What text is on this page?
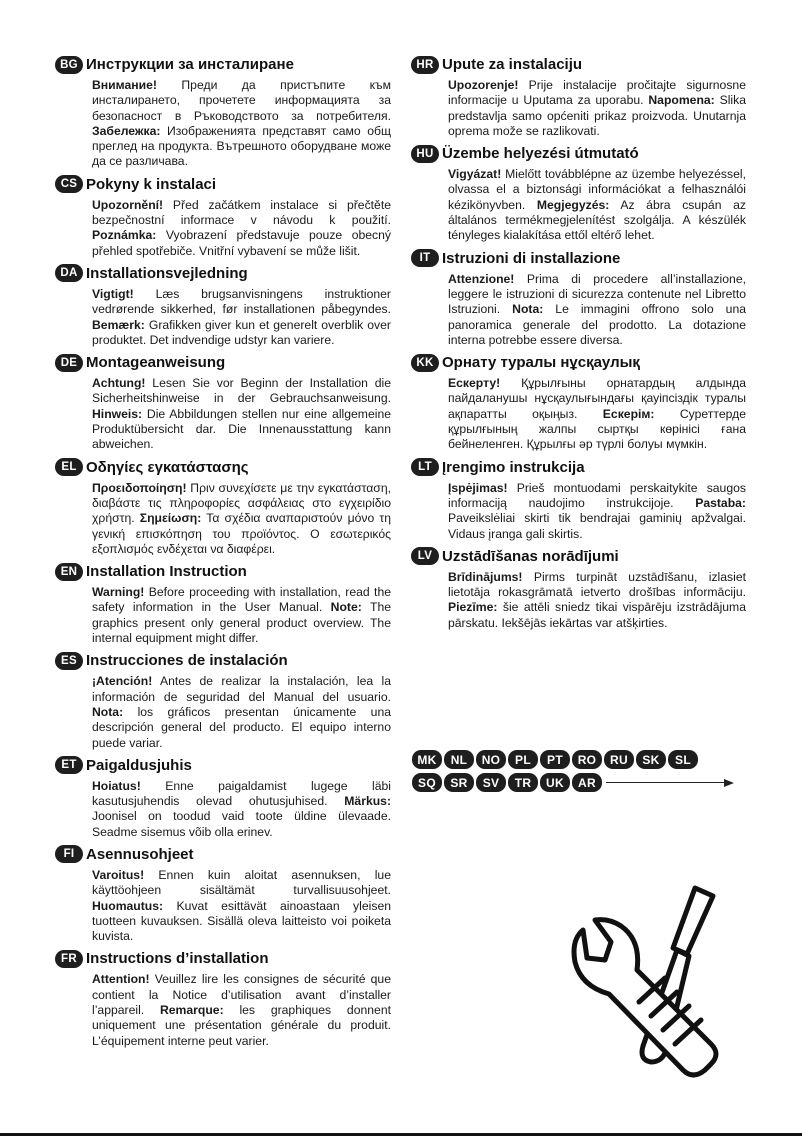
BG Инструкции за инсталиране
Внимание! Преди да пристъпите към инсталирането, прочетете информацията за безопасност в Ръководството за потребителя. Забележка: Изображенията представят само общ преглед на продукта. Вътрешното оборудване може да се различава.
CS Pokyny k instalaci
Upozornění! Před začátkem instalace si přečtěte bezpečnostní informace v návodu k použití. Poznámka: Vyobrazení představuje pouze obecný přehled spotřebiče. Vnitřní vybavení se může lišit.
DA Installationsvejledning
Vigtigt! Læs brugsanvisningens instruktioner vedrørende sikkerhed, før installationen påbegyndes. Bemærk: Grafikken giver kun et generelt overblik over produktet. Det indvendige udstyr kan variere.
DE Montageanweisung
Achtung! Lesen Sie vor Beginn der Installation die Sicherheitshinweise in der Gebrauchsanweisung. Hinweis: Die Abbildungen stellen nur eine allgemeine Produktübersicht dar. Die Innenausstattung kann abweichen.
EL Οδηγίες εγκατάστασης
Προειδοποίηση! Πριν συνεχίσετε με την εγκατάσταση, διαβάστε τις πληροφορίες ασφάλειας στο εγχειρίδιο χρήστη. Σημείωση: Τα σχέδια αναπαριστούν μόνο τη γενική επισκόπηση του προϊόντος. Ο εσωτερικός εξοπλισμός ενδέχεται να διαφέρει.
EN Installation Instruction
Warning! Before proceeding with installation, read the safety information in the User Manual. Note: The graphics present only general product overview. The internal equipment might differ.
ES Instrucciones de instalación
¡Atención! Antes de realizar la instalación, lea la información de seguridad del Manual del usuario. Nota: los gráficos presentan únicamente una descripción general del producto. El equipo interno puede variar.
ET Paigaldusjuhis
Hoiatus! Enne paigaldamist lugege läbi kasutusjuhendis olevad ohutusjuhised. Märkus: Joonisel on toodud vaid toote üldine ülevaade. Seadme sisemus võib olla erinev.
FI Asennusohjeet
Varoitus! Ennen kuin aloitat asennuksen, lue käyttöohjeen sisältämät turvallisuusohjeet. Huomautus: Kuvat esittävät ainoastaan yleisen tuotteen kuvauksen. Sisällä oleva laitteisto voi poiketa kuvista.
FR Instructions d’installation
Attention! Veuillez lire les consignes de sécurité que contient la Notice d’utilisation avant d’installer l’appareil. Remarque: les graphiques donnent uniquement une présentation générale du produit. L’équipement interne peut varier.
HR Upute za instalaciju
Upozorenje! Prije instalacije pročitajte sigurnosne informacije u Uputama za uporabu. Napomena: Slika predstavlja samo općeniti prikaz proizvoda. Unutarnja oprema može se razlikovati.
HU Üzembe helyezési útmutató
Vigyázat! Mielőtt továbblépne az üzembe helyezéssel, olvassa el a biztonsági információkat a felhasználói kézikönyvben. Megjegyzés: Az ábra csupán az általános termékmegjelenítést szolgálja. A készülék tényleges kialakítása ettől eltérő lehet.
IT Istruzioni di installazione
Attenzione! Prima di procedere all’installazione, leggere le istruzioni di sicurezza contenute nel Libretto Istruzioni. Nota: Le immagini offrono solo una panoramica generale del prodotto. La dotazione interna potrebbe essere diversa.
KK Орнату туралы нұсқаулық
Ескерту! Құрылғыны орнатардың алдында пайдаланушы нұсқаулығындағы қауіпсіздік туралы ақпаратты оқыңыз. Ескерім: Суреттерде құрылғының жалпы сыртқы көрінісі ғана бейнеленген. Құрылғы әр түрлі болуы мүмкін.
LT Įrengimo instrukcija
Įspėjimas! Prieš montuodami perskaitykite saugos informaciją naudojimo instrukcijoje. Pastaba: Paveikslėliai skirti tik bendrajai gaminių apžvalgai. Vidaus įranga gali skirtis.
LV Uzstādīšanas norādījumi
Brīdinājums! Pirms turpināt uzstādīšanu, izlasiet lietotāja rokasgrāmatā ietverto drošības informāciju. Piezīme: šie attēli sniedz tikai vispārēju izstrādājuma pārskatu. Iekšējās iekārtas var atšķirties.
MK	NL	NO	PL	PT	RO	RU	SK	SL
SQ	SR	SV	TR	UK	AR
